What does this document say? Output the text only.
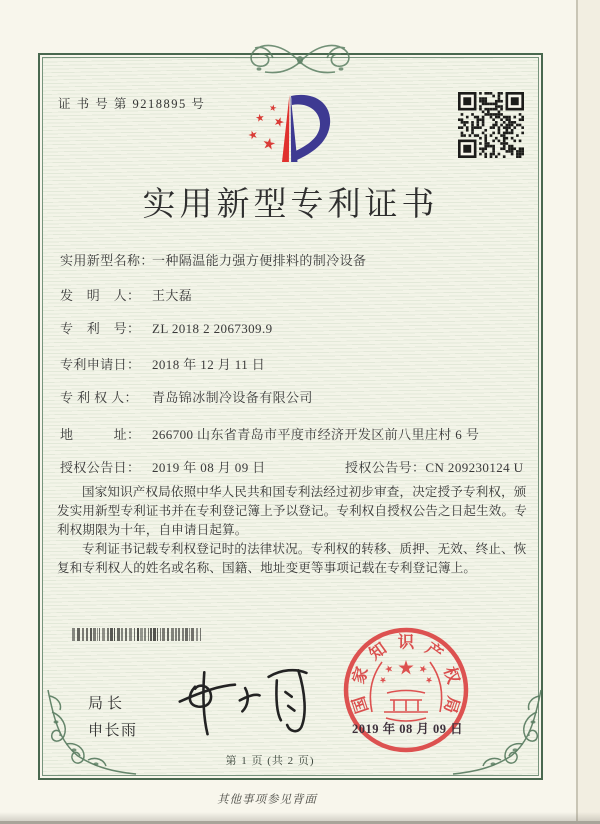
证 书 号 第 9218895 号
实用新型专利证书
实用新型名称：一种隔温能力强方便排料的制冷设备
发　明　人： 王大磊
专　利　号： ZL 2018 2 2067309.9
专利申请日： 2018 年 12 月 11 日
专 利 权 人： 青岛锦冰制冷设备有限公司
地　　　址： 266700 山东省青岛市平度市经济开发区前八里庄村 6 号
授权公告日： 2019 年 08 月 09 日	授权公告号：CN 209230124 U

国家知识产权局依照中华人民共和国专利法经过初步审查，决定授予专利权，颁发实用新型专利证书并在专利登记簿上予以登记。专利权自授权公告之日起生效。专利权期限为十年，自申请日起算。

专利证书记载专利权登记时的法律状况。专利权的转移、质押、无效、终止、恢复和专利权人的姓名或名称、国籍、地址变更等事项记载在专利登记簿上。

局长
申长雨
国
家
知 识 产
权
局
2019 年 08 月 09 日
第 1 页 (共 2 页)
其他事项参见背面
